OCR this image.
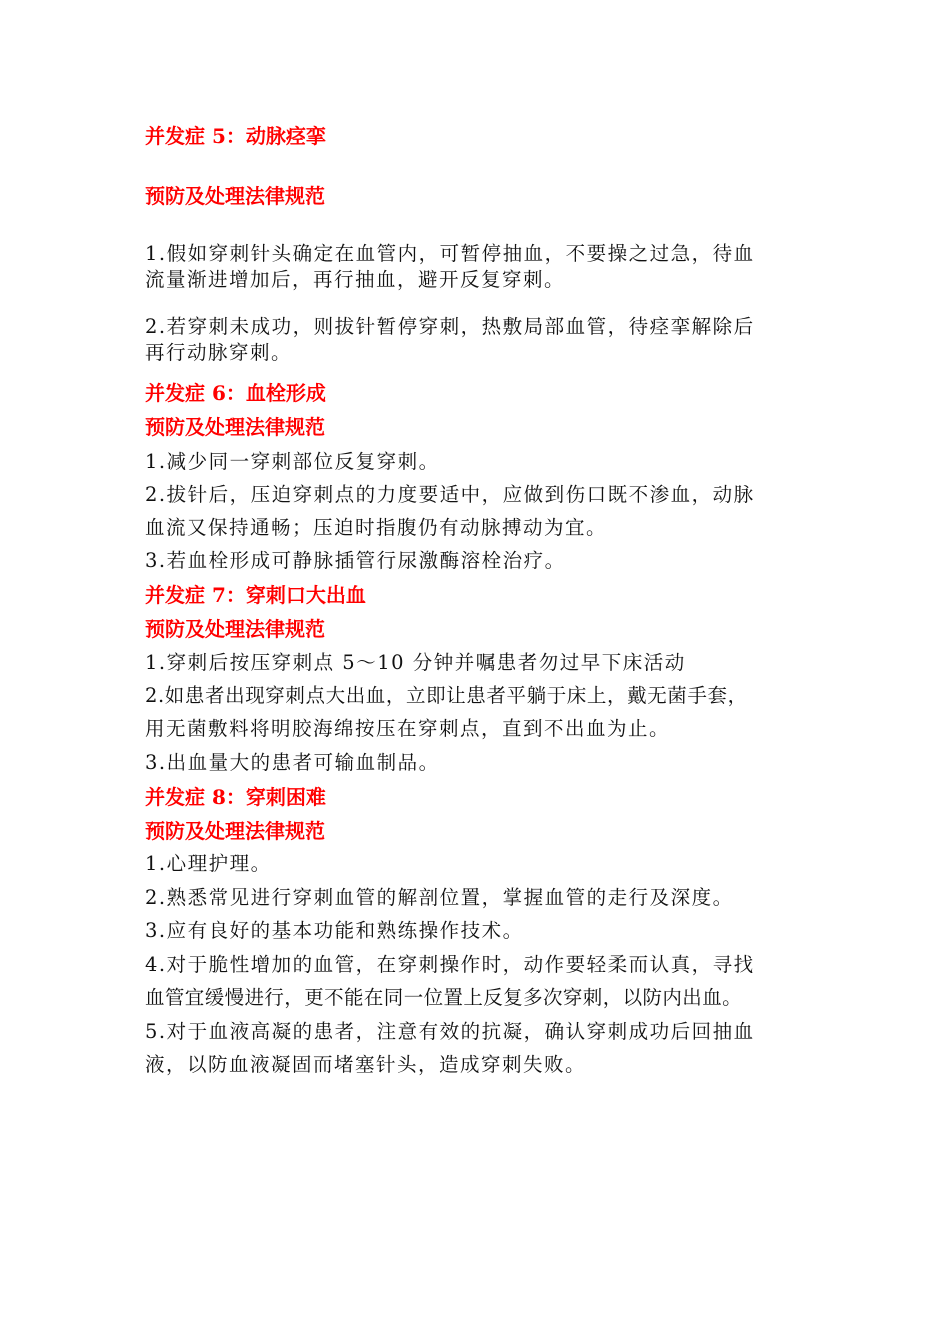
并发症 5：动脉痉挛
预防及处理法律规范
1.假如穿刺针头确定在血管内，可暂停抽血，不要操之过急，待血
流量渐进增加后，再行抽血，避开反复穿刺。
2.若穿刺未成功，则拔针暂停穿刺，热敷局部血管，待痉挛解除后
再行动脉穿刺。
并发症 6：血栓形成
预防及处理法律规范
1.减少同一穿刺部位反复穿刺。
2.拔针后，压迫穿刺点的力度要适中，应做到伤口既不渗血，动脉
血流又保持通畅；压迫时指腹仍有动脉搏动为宜。
3.若血栓形成可静脉插管行尿激酶溶栓治疗。
并发症 7：穿刺口大出血
预防及处理法律规范
1.穿刺后按压穿刺点 5～10 分钟并嘱患者勿过早下床活动
2.如患者出现穿刺点大出血，立即让患者平躺于床上，戴无菌手套，
用无菌敷料将明胶海绵按压在穿刺点，直到不出血为止。
3.出血量大的患者可输血制品。
并发症 8：穿刺困难
预防及处理法律规范
1.心理护理。
2.熟悉常见进行穿刺血管的解剖位置，掌握血管的走行及深度。
3.应有良好的基本功能和熟练操作技术。
4.对于脆性增加的血管，在穿刺操作时，动作要轻柔而认真，寻找
血管宜缓慢进行，更不能在同一位置上反复多次穿刺，以防内出血。
5.对于血液高凝的患者，注意有效的抗凝，确认穿刺成功后回抽血
液，以防血液凝固而堵塞针头，造成穿刺失败。
